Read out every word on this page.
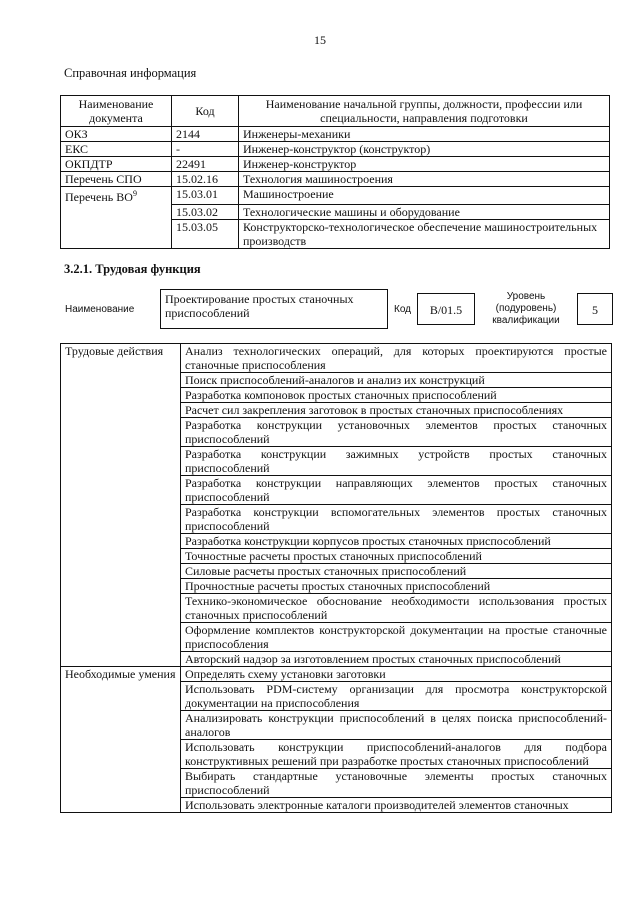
15
Справочная информация
Наименование документа	Код	Наименование начальной группы, должности, профессии или специальности, направления подготовки
ОКЗ	2144	Инженеры-механики
ЕКС	-	Инженер-конструктор (конструктор)
ОКПДТР	22491	Инженер-конструктор
Перечень СПО	15.02.16	Технология машиностроения
Перечень $ВО^9$	15.03.01	Машиностроение
	15.03.02	Технологические машины и оборудование
	15.03.05	Конструкторско-технологическое обеспечение машиностроительных производств
3.2.1. Трудовая функция
Наименование
Проектирование простых станочных приспособлений	Код	B/01.5
Уровень (подуровень) квалификации
5
Трудовые действия	Анализ технологических операций, для которых проектируются простые станочные приспособления
	Поиск приспособлений-аналогов и анализ их конструкций
	Разработка компоновок простых станочных приспособлений
	Расчет сил закрепления заготовок в простых станочных приспособлениях
	Разработка конструкции установочных элементов простых станочных приспособлений
	Разработка конструкции зажимных устройств простых станочных приспособлений
	Разработка конструкции направляющих элементов простых станочных приспособлений
	Разработка конструкции вспомогательных элементов простых станочных приспособлений
	Разработка конструкции корпусов простых станочных приспособлений
	Точностные расчеты простых станочных приспособлений
	Силовые расчеты простых станочных приспособлений
	Прочностные расчеты простых станочных приспособлений
	Технико-экономическое обоснование необходимости использования простых станочных приспособлений
	Оформление комплектов конструкторской документации на простые станочные приспособления
	Авторский надзор за изготовлением простых станочных приспособлений
Необходимые умения	Определять схему установки заготовки
	Использовать PDM-систему организации для просмотра конструкторской документации на приспособления
	Анализировать конструкции приспособлений в целях поиска приспособлений-аналогов
	Использовать конструкции приспособлений-аналогов для подбора конструктивных решений при разработке простых станочных приспособлений
	Выбирать стандартные установочные элементы простых станочных приспособлений
	Использовать электронные каталоги производителей элементов станочных
